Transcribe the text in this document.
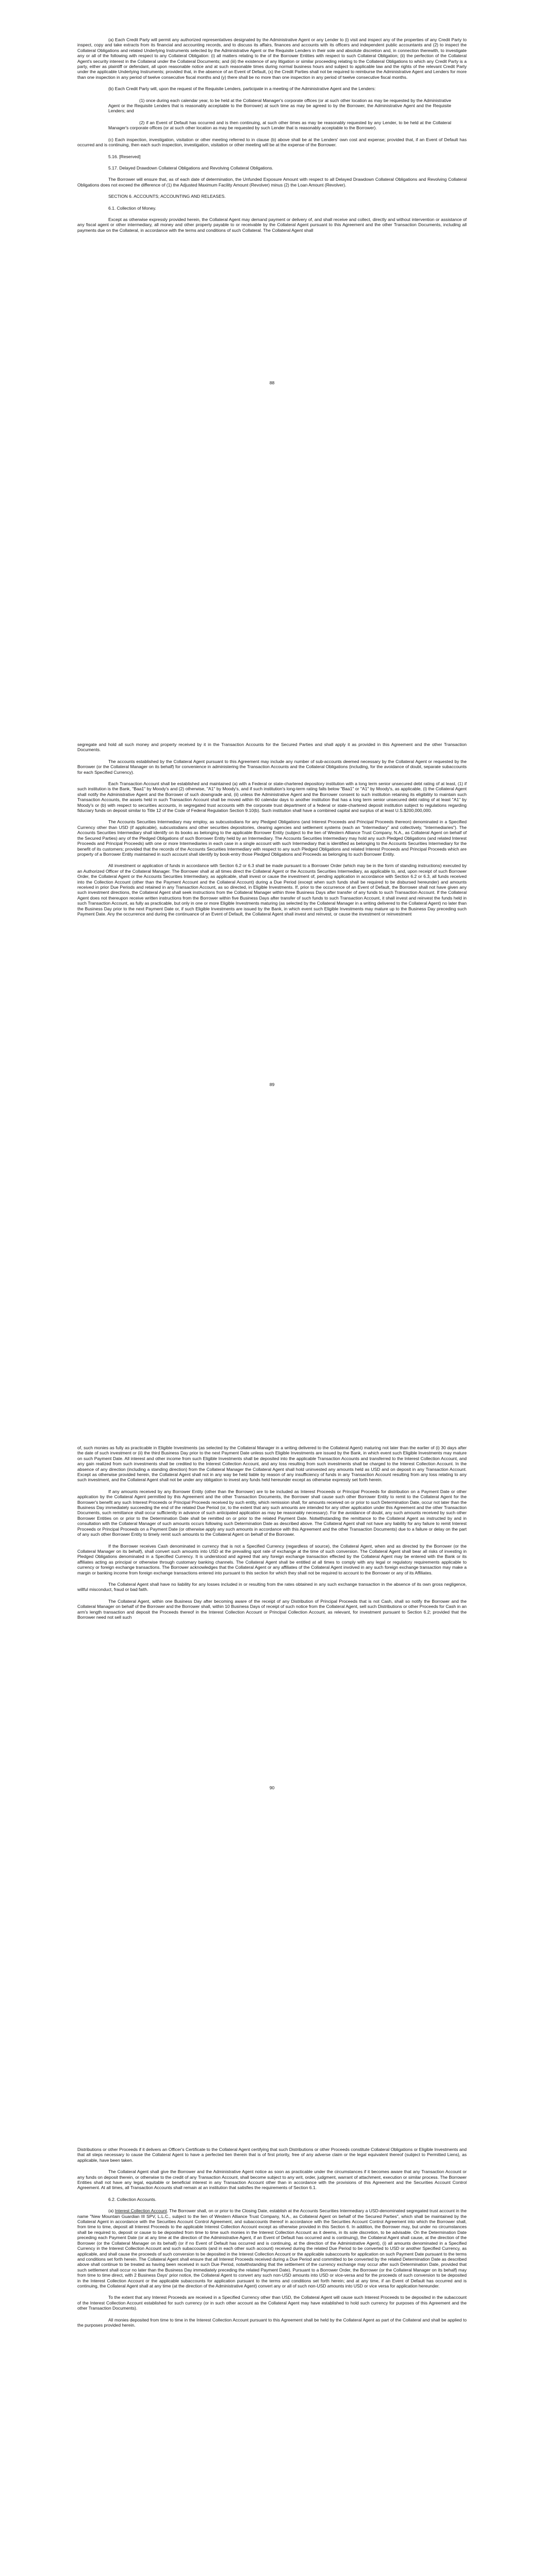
(a) Each Credit Party will permit any authorized representatives designated by the Administrative Agent or any Lender to (i) visit and inspect any of the properties of any Credit Party to inspect, copy and take extracts from its financial and accounting records, and to discuss its affairs, finances and accounts with its officers and independent public accountants and (2) to inspect the Collateral Obligations and related Underlying Instruments selected by the Administrative Agent or the Requisite Lenders in their sole and absolute discretion and, in connection therewith, to investigate any or all of the following with respect to any Collateral Obligation: (i) all matters relating to the of the Borrower Entities with respect to such Collateral Obligation; (ii) the perfection of the Collateral Agent's security interest in the Collateral under the Collateral Documents; and (iii) the existence of any litigation or similar proceeding relating to the Collateral Obligations to which any Credit Party is a party, either as plaintiff or defendant, all upon reasonable notice and at such reasonable times during normal business hours and subject to applicable law and the rights of the relevant Credit Party under the applicable Underlying Instruments; provided that, in the absence of an Event of Default, (x) the Credit Parties shall not be required to reimburse the Administrative Agent and Lenders for more than one inspection in any period of twelve consecutive fiscal months and (y) there shall be no more than one inspection in any period of twelve consecutive fiscal months.

(b) Each Credit Party will, upon the request of the Requisite Lenders, participate in a meeting of the Administrative Agent and the Lenders:

(1) once during each calendar year, to be held at the Collateral Manager's corporate offices (or at such other location as may be requested by the Administrative Agent or the Requisite Lenders that is reasonably acceptable to the Borrower) at such time as may be agreed to by the Borrower, the Administrative Agent and the Requisite Lenders; and

(2) if an Event of Default has occurred and is then continuing, at such other times as may be reasonably requested by any Lender, to be held at the Collateral Manager's corporate offices (or at such other location as may be requested by such Lender that is reasonably acceptable to the Borrower).

(c) Each inspection, investigation, visitation or other meeting referred to in clause (b) above shall be at the Lenders' own cost and expense; provided that, if an Event of Default has occurred and is continuing, then each such inspection, investigation, visitation or other meeting will be at the expense of the Borrower.

5.16. [Reserved]

5.17. Delayed Drawdown Collateral Obligations and Revolving Collateral Obligations.

The Borrower will ensure that, as of each date of determination, the Unfunded Exposure Amount with respect to all Delayed Drawdown Collateral Obligations and Revolving Collateral Obligations does not exceed the difference of (1) the Adjusted Maximum Facility Amount (Revolver) minus (2) the Loan Amount (Revolver).

SECTION 6. ACCOUNTS; ACCOUNTING AND RELEASES.

6.1. Collection of Money.

Except as otherwise expressly provided herein, the Collateral Agent may demand payment or delivery of, and shall receive and collect, directly and without intervention or assistance of any fiscal agent or other intermediary, all money and other property payable to or receivable by the Collateral Agent pursuant to this Agreement and the other Transaction Documents, including all payments due on the Collateral, in accordance with the terms and conditions of such Collateral. The Collateral Agent shall

88

segregate and hold all such money and property received by it in the Transaction Accounts for the Secured Parties and shall apply it as provided in this Agreement and the other Transaction Documents.

The accounts established by the Collateral Agent pursuant to this Agreement may include any number of sub-accounts deemed necessary by the Collateral Agent or requested by the Borrower (or the Collateral Manager on its behalf) for convenience in administering the Transaction Accounts and the Collateral Obligations (including, for the avoidance of doubt, separate subaccounts for each Specified Currency).

Each Transaction Account shall be established and maintained (a) with a Federal or state-chartered depository institution with a long term senior unsecured debt rating of at least, (1) if such institution is the Bank, "Baa1" by Moody's and (2) otherwise, "A1" by Moody's, and if such institution's long-term rating falls below "Baa1" or "A1" by Moody's, as applicable, (i) the Collateral Agent shall notify the Administrative Agent and the Borrower of such downgrade and, (ii) unless the Administrative Agent and the Borrower consent to such institution retaining its eligibility to maintain such Transaction Accounts, the assets held in such Transaction Account shall be moved within 60 calendar days to another institution that has a long term senior unsecured debt rating of at least "A1" by Moody's or (b) with respect to securities accounts, in segregated trust accounts with the corporate trust department of a federal or state-chartered deposit institution subject to regulations regarding fiduciary funds on deposit similar to Title 12 of the Code of Federal Regulation Section 9.10(b). Such institution shall have a combined capital and surplus of at least U.S.$200,000,000.

The Accounts Securities Intermediary may employ, as subcustodians for any Pledged Obligations (and Interest Proceeds and Principal Proceeds thereon) denominated in a Specified Currency other than USD (if applicable), subcustodians and other securities depositories, clearing agencies and settlement systems (each an "Intermediary" and collectively, "Intermediaries"). The Accounts Securities Intermediary shall identify on its books as belonging to the applicable Borrower Entity (subject to the lien of Western Alliance Trust Company, N.A., as Collateral Agent on behalf of the Secured Parties) any of the Pledged Obligations of such Borrower Entity held by an Intermediary. The Accounts Securities Intermediary may hold any such Pledged Obligations (and related Interest Proceeds and Principal Proceeds) with one or more Intermediaries in each case in a single account with such Intermediary that is identified as belonging to the Accounts Securities Intermediary for the benefit of its customers; provided that the records of the Accounts Securities Intermediary with respect to any such Pledged Obligations and related Interest Proceeds and Principal Proceeds which are property of a Borrower Entity maintained in such account shall identify by book-entry those Pledged Obligations and Proceeds as belonging to such Borrower Entity.

All investment or application of funds in accordance with Section 6.2 or 6.3 shall be made pursuant to a Borrower Order (which may be in the form of standing instructions) executed by an Authorized Officer of the Collateral Manager. The Borrower shall at all times direct the Collateral Agent or the Accounts Securities Intermediary, as applicable to, and, upon receipt of such Borrower Order, the Collateral Agent or the Accounts Securities Intermediary, as applicable, shall invest or cause the investment of, pending application in accordance with Section 6.2 or 6.3, all funds received into the Collection Account (other than the Payment Account and the Collateral Account) during a Due Period (except when such funds shall be required to be disbursed hereunder) and amounts received in prior Due Periods and retained in any Transaction Account, as so directed, in Eligible Investments. If, prior to the occurrence of an Event of Default, the Borrower shall not have given any such investment directions, the Collateral Agent shall seek instructions from the Collateral Manager within three Business Days after transfer of any funds to such Transaction Account. If the Collateral Agent does not thereupon receive written instructions from the Borrower within five Business Days after transfer of such funds to such Transaction Account, it shall invest and reinvest the funds held in such Transaction Account, as fully as practicable, but only in one or more Eligible Investments maturing (as selected by the Collateral Manager in a writing delivered to the Collateral Agent) no later than the Business Day prior to the next Payment Date or, if such Eligible Investments are issued by the Bank, in which event such Eligible Investments may mature up to the Business Day preceding such Payment Date. Any the occurrence and during the continuance of an Event of Default, the Collateral Agent shall invest and reinvest, or cause the investment or reinvestment

89

of, such monies as fully as practicable in Eligible Investments (as selected by the Collateral Manager in a writing delivered to the Collateral Agent) maturing not later than the earlier of (i) 30 days after the date of such investment or (ii) the third Business Day prior to the next Payment Date unless such Eligible Investments are issued by the Bank, in which event such Eligible Investments may mature on such Payment Date. All interest and other income from such Eligible Investments shall be deposited into the applicable Transaction Accounts and transferred to the Interest Collection Account, and any gain realized from such investments shall be credited to the Interest Collection Account, and any loss resulting from such investments shall be charged to the Interest Collection Account. In the absence of any direction (including a standing direction) from the Collateral Manager the Collateral Agent shall hold uninvested any amounts held as USD and on deposit in any Transaction Account. Except as otherwise provided herein, the Collateral Agent shall not in any way be held liable by reason of any insufficiency of funds in any Transaction Account resulting from any loss relating to any such investment, and the Collateral Agent shall not be under any obligation to invest any funds held hereunder except as otherwise expressly set forth herein.

If any amounts received by any Borrower Entity (other than the Borrower) are to be included as Interest Proceeds or Principal Proceeds for distribution on a Payment Date or other application by the Collateral Agent permitted by this Agreement and the other Transaction Documents, the Borrower shall cause such other Borrower Entity to remit to the Collateral Agent for the Borrower's benefit any such Interest Proceeds or Principal Proceeds received by such entity, which remission shall, for amounts received on or prior to such Determination Date, occur not later than the Business Day immediately succeeding the end of the related Due Period (or, to the extent that any such amounts are intended for any other application under this Agreement and the other Transaction Documents, such remittance shall occur sufficiently in advance of such anticipated application as may be reasonably necessary). For the avoidance of doubt, any such amounts received by such other Borrower Entities on or prior to the Determination Date shall be remitted on or prior to the related Payment Date. Notwithstanding the remittance to the Collateral Agent as instructed by and in consultation with the Collateral Manager of such amounts occurs following such Determination Date as described above. The Collateral Agent shall not have any liability for any failure to remit Interest Proceeds or Principal Proceeds on a Payment Date (or otherwise apply any such amounts in accordance with this Agreement and the other Transaction Documents) due to a failure or delay on the part of any such other Borrower Entity to timely remit such amounts to the Collateral Agent on behalf of the Borrower.

If the Borrower receives Cash denominated in currency that is not a Specified Currency (regardless of source), the Collateral Agent, when and as directed by the Borrower (or the Collateral Manager on its behalf), shall convert such amounts into USD at the prevailing spot rate of exchange at the time of such conversion. The Collateral Agent shall bear all risks of investing in Pledged Obligations denominated in a Specified Currency. It is understood and agreed that any foreign exchange transaction effected by the Collateral Agent may be entered with the Bank or its affiliates acting as principal or otherwise through customary banking channels. The Collateral Agent shall be entitled at all times to comply with any legal or regulatory requirements applicable to currency or foreign exchange transactions. The Borrower acknowledges that the Collateral Agent or any affiliates of the Collateral Agent involved in any such foreign exchange transaction may make a margin or banking income from foreign exchange transactions entered into pursuant to this section for which they shall not be required to account to the Borrower or any of its Affiliates.

The Collateral Agent shall have no liability for any losses included in or resulting from the rates obtained in any such exchange transaction in the absence of its own gross negligence, willful misconduct, fraud or bad faith.

The Collateral Agent, within one Business Day after becoming aware of the receipt of any Distribution of Principal Proceeds that is not Cash, shall so notify the Borrower and the Collateral Manager on behalf of the Borrower and the Borrower shall, within 10 Business Days of receipt of such notice from the Collateral Agent, sell such Distributions or other Proceeds for Cash in an arm's length transaction and deposit the Proceeds thereof in the Interest Collection Account or Principal Collection Account, as relevant, for investment pursuant to Section 6.2; provided that the Borrower need not sell such

90

Distributions or other Proceeds if it delivers an Officer's Certificate to the Collateral Agent certifying that such Distributions or other Proceeds constitute Collateral Obligations or Eligible Investments and that all steps necessary to cause the Collateral Agent to have a perfected lien therein that is of first priority, free of any adverse claim or the legal equivalent thereof (subject to Permitted Liens), as applicable, have been taken.

The Collateral Agent shall give the Borrower and the Administrative Agent notice as soon as practicable under the circumstances if it becomes aware that any Transaction Account or any funds on deposit therein, or otherwise to the credit of any Transaction Account, shall become subject to any writ, order, judgment, warrant of attachment, execution or similar process. The Borrower Entities shall not have any legal, equitable or beneficial interest in any Transaction Account other than in accordance with the provisions of this Agreement and the Securities Account Control Agreement. At all times, all Transaction Accounts shall remain at an institution that satisfies the requirements of Section 6.1.

6.2. Collection Accounts.

(a) Interest Collection Account. The Borrower shall, on or prior to the Closing Date, establish at the Accounts Securities Intermediary a USD-denominated segregated trust account in the name "New Mountain Guardian III SPV, L.L.C., subject to the lien of Western Alliance Trust Company, N.A., as Collateral Agent on behalf of the Secured Parties", which shall be maintained by the Collateral Agent in accordance with the Securities Account Control Agreement, and subaccounts thereof in accordance with the Securities Account Control Agreement into which the Borrower shall, from time to time, deposit all Interest Proceeds to the applicable Interest Collection Account except as otherwise provided in this Section 6. In addition, the Borrower may, but under no circumstances shall be required to, deposit or cause to be deposited from time to time such monies in the Interest Collection Account as it deems, in its sole discretion, to be advisable. On the Determination Date preceding each Payment Date (or at any time at the direction of the Administrative Agent, if an Event of Default has occurred and is continuing), the Collateral Agent shall cause, at the direction of the Borrower (or the Collateral Manager on its behalf) (or if no Event of Default has occurred and is continuing, at the direction of the Administrative Agent), (i) all amounts denominated in a Specified Currency in the Interest Collection Account and such subaccounts (and in each other such account) received during the related Due Period to be converted to USD or another Specified Currency, as applicable, and shall cause the proceeds of such conversion to be deposited in the Interest Collection Account or the applicable subaccounts for application on such Payment Date pursuant to the terms and conditions set forth herein. The Collateral Agent shall ensure that all Interest Proceeds received during a Due Period and committed to be converted by the related Determination Date as described above shall continue to be treated as having been received in such Due Period, notwithstanding that the settlement of the currency exchange may occur after such Determination Date, provided that such settlement shall occur no later than the Business Day immediately preceding the related Payment Date). Pursuant to a Borrower Order, the Borrower (or the Collateral Manager on its behalf) may from time to time direct, with 2 Business Days' prior notice, the Collateral Agent to convert any such non-USD amounts into USD or vice-versa and for the proceeds of such conversion to be deposited in the Interest Collection Account or the applicable subaccounts for application pursuant to the terms and conditions set forth herein; and at any time, if an Event of Default has occurred and is continuing, the Collateral Agent shall at any time (at the direction of the Administrative Agent) convert any or all of such non-USD amounts into USD or vice versa for application hereunder.

To the extent that any Interest Proceeds are received in a Specified Currency other than USD, the Collateral Agent will cause such Interest Proceeds to be deposited in the subaccount of the Interest Collection Account established for such currency (or in such other account as the Collateral Agent may have established to hold such currency for purposes of this Agreement and the other Transaction Documents).

All monies deposited from time to time in the Interest Collection Account pursuant to this Agreement shall be held by the Collateral Agent as part of the Collateral and shall be applied to the purposes provided herein.
